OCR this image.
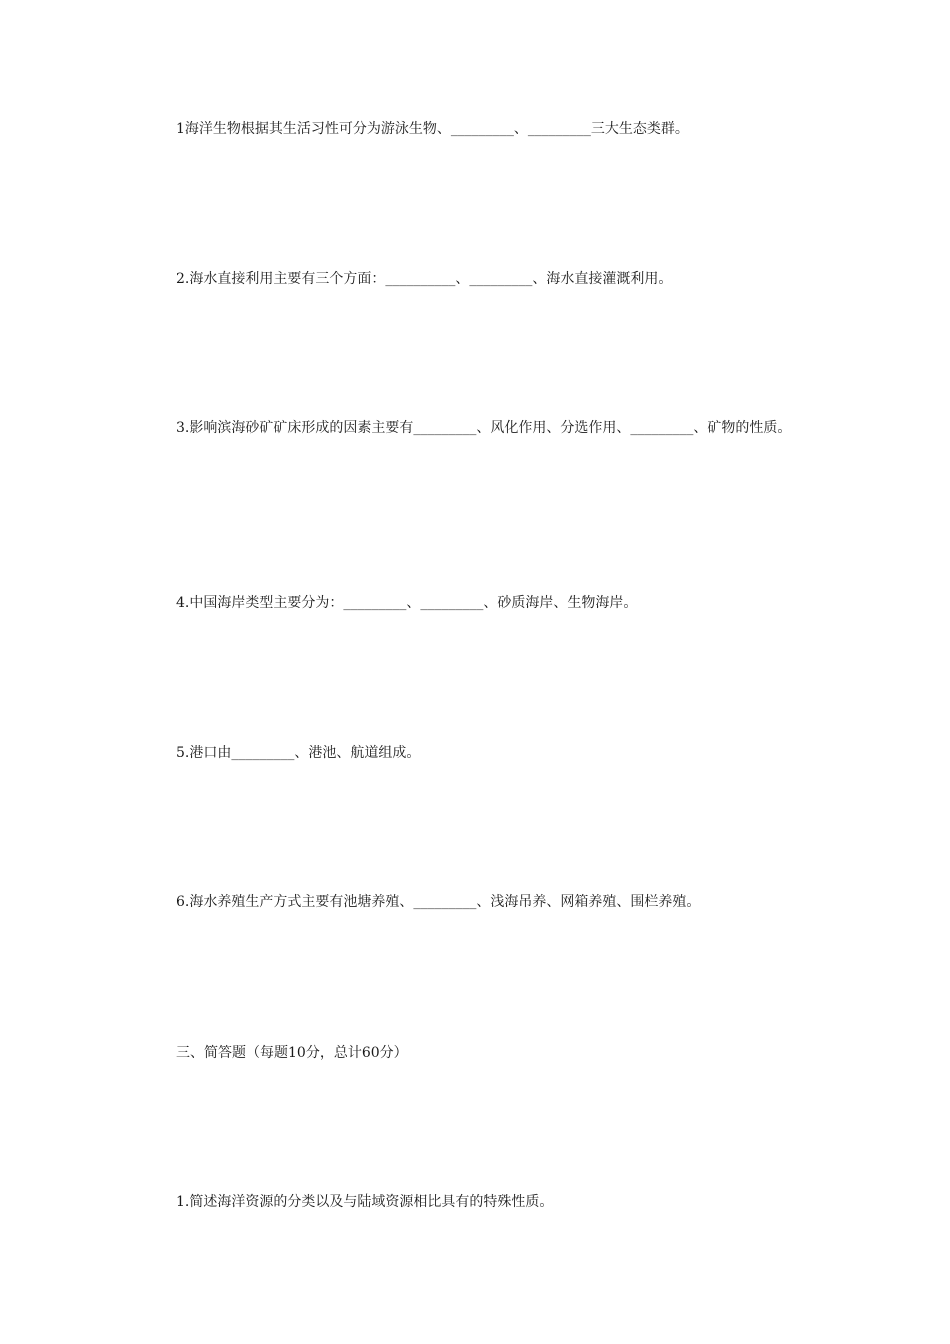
1海洋生物根据其生活习性可分为游泳生物、_________、_________三大生态类群。

2.海水直接利用主要有三个方面：__________、_________、海水直接灌溉利用。

3.影响滨海砂矿矿床形成的因素主要有_________、风化作用、分选作用、_________、矿物的性质。

4.中国海岸类型主要分为：_________、_________、砂质海岸、生物海岸。

5.港口由_________、港池、航道组成。

6.海水养殖生产方式主要有池塘养殖、_________、浅海吊养、网箱养殖、围栏养殖。

三、简答题（每题10分，总计60分）

1.简述海洋资源的分类以及与陆域资源相比具有的特殊性质。
